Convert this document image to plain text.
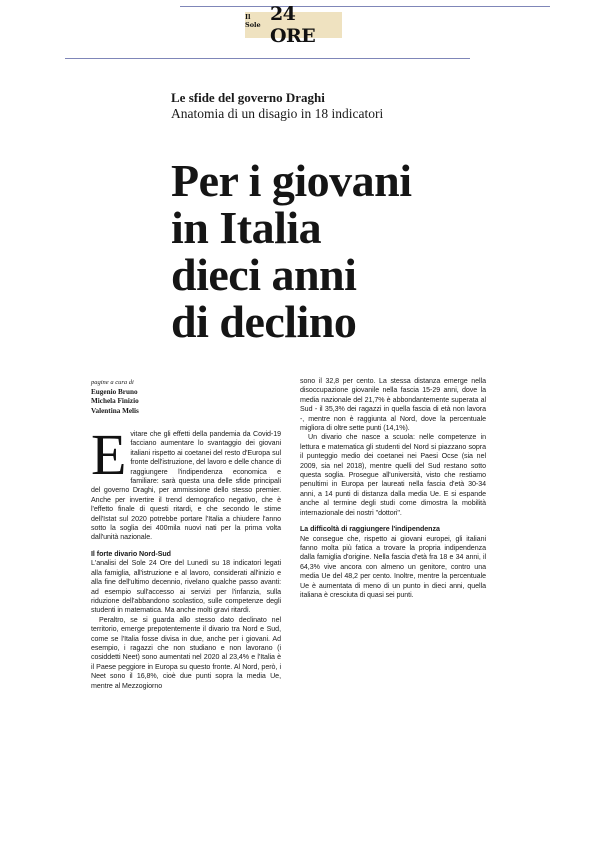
Il Sole 24 ORE
Le sfide del governo Draghi
Anatomia di un disagio in 18 indicatori
Per i giovani
in Italia
dieci anni
di declino
pagine a cura di
Eugenio Bruno
Michela Finizio
Valentina Melis

Evitare che gli effetti della pandemia da Covid-19 facciano aumentare lo svantaggio dei giovani italiani rispetto ai coetanei del resto d'Europa sul fronte dell'istruzione, del lavoro e delle chance di raggiungere l'indipendenza economica e familiare: sarà questa una delle sfide principali del governo Draghi, per ammissione dello stesso premier. Anche per invertire il trend demografico negativo, che è l'effetto finale di questi ritardi, e che secondo le stime dell'Istat sul 2020 potrebbe portare l'Italia a chiudere l'anno sotto la soglia dei 400mila nuovi nati per la prima volta dall'unità nazionale.

Il forte divario Nord-Sud

L'analisi del Sole 24 Ore del Lunedì su 18 indicatori legati alla famiglia, all'istruzione e al lavoro, considerati all'inizio e alla fine dell'ultimo decennio, rivelano qualche passo avanti: ad esempio sull'accesso ai servizi per l'infanzia, sulla riduzione dell'abbandono scolastico, sulle competenze degli studenti in matematica. Ma anche molti gravi ritardi.

Peraltro, se si guarda allo stesso dato declinato nel territorio, emerge prepotentemente il divario tra Nord e Sud, come se l'Italia fosse divisa in due, anche per i giovani. Ad esempio, i ragazzi che non studiano e non lavorano (i cosiddetti Neet) sono aumentati nel 2020 al 23,4% e l'Italia è il Paese peggiore in Europa su questo fronte. Al Nord, però, i Neet sono il 16,8%, cioè due punti sopra la media Ue, mentre al Mezzogiorno

sono il 32,8 per cento. La stessa distanza emerge nella disoccupazione giovanile nella fascia 15-29 anni, dove la media nazionale del 21,7% è abbondantemente superata al Sud - il 35,3% dei ragazzi in quella fascia di età non lavora -, mentre non è raggiunta al Nord, dove la percentuale migliora di oltre sette punti (14,1%).

Un divario che nasce a scuola: nelle competenze in lettura e matematica gli studenti del Nord si piazzano sopra il punteggio medio dei coetanei nei Paesi Ocse (sia nel 2009, sia nel 2018), mentre quelli del Sud restano sotto questa soglia. Prosegue all'università, visto che restiamo penultimi in Europa per laureati nella fascia d'età 30-34 anni, a 14 punti di distanza dalla media Ue. E si espande anche al termine degli studi come dimostra la mobilità internazionale dei nostri "dottori".

La difficoltà di raggiungere l'indipendenza

Ne consegue che, rispetto ai giovani europei, gli italiani fanno molta più fatica a trovare la propria indipendenza dalla famiglia d'origine. Nella fascia d'età fra 18 e 34 anni, il 64,3% vive ancora con almeno un genitore, contro una media Ue del 48,2 per cento. Inoltre, mentre la percentuale Ue è aumentata di meno di un punto in dieci anni, quella italiana è cresciuta di quasi sei punti.
